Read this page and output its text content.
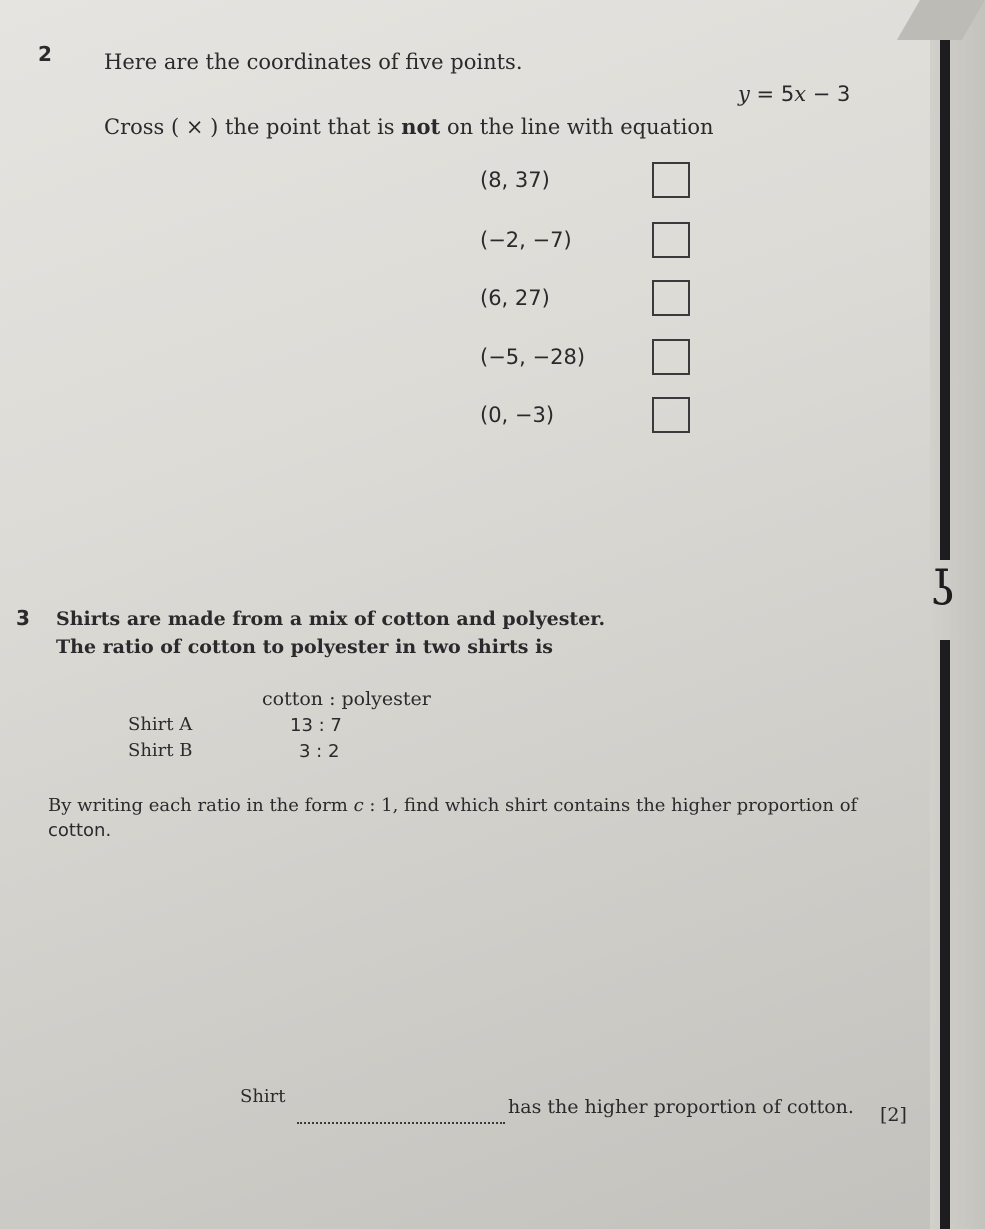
ʖ
2 Here are the coordinates of five points.
Cross ( × ) the point that is not on the line with equation
y = 5x − 3
(8, 37)
(−2, −7)
(6, 27)
(−5, −28)
(0, −3)
3 Shirts are made from a mix of cotton and polyester.
The ratio of cotton to polyester in two shirts is
cotton : polyester
Shirt A	13 : 7
Shirt B	3 : 2
By writing each ratio in the form c : 1, find which shirt contains the higher proportion of
cotton.
Shirt	has the higher proportion of cotton. [2]
